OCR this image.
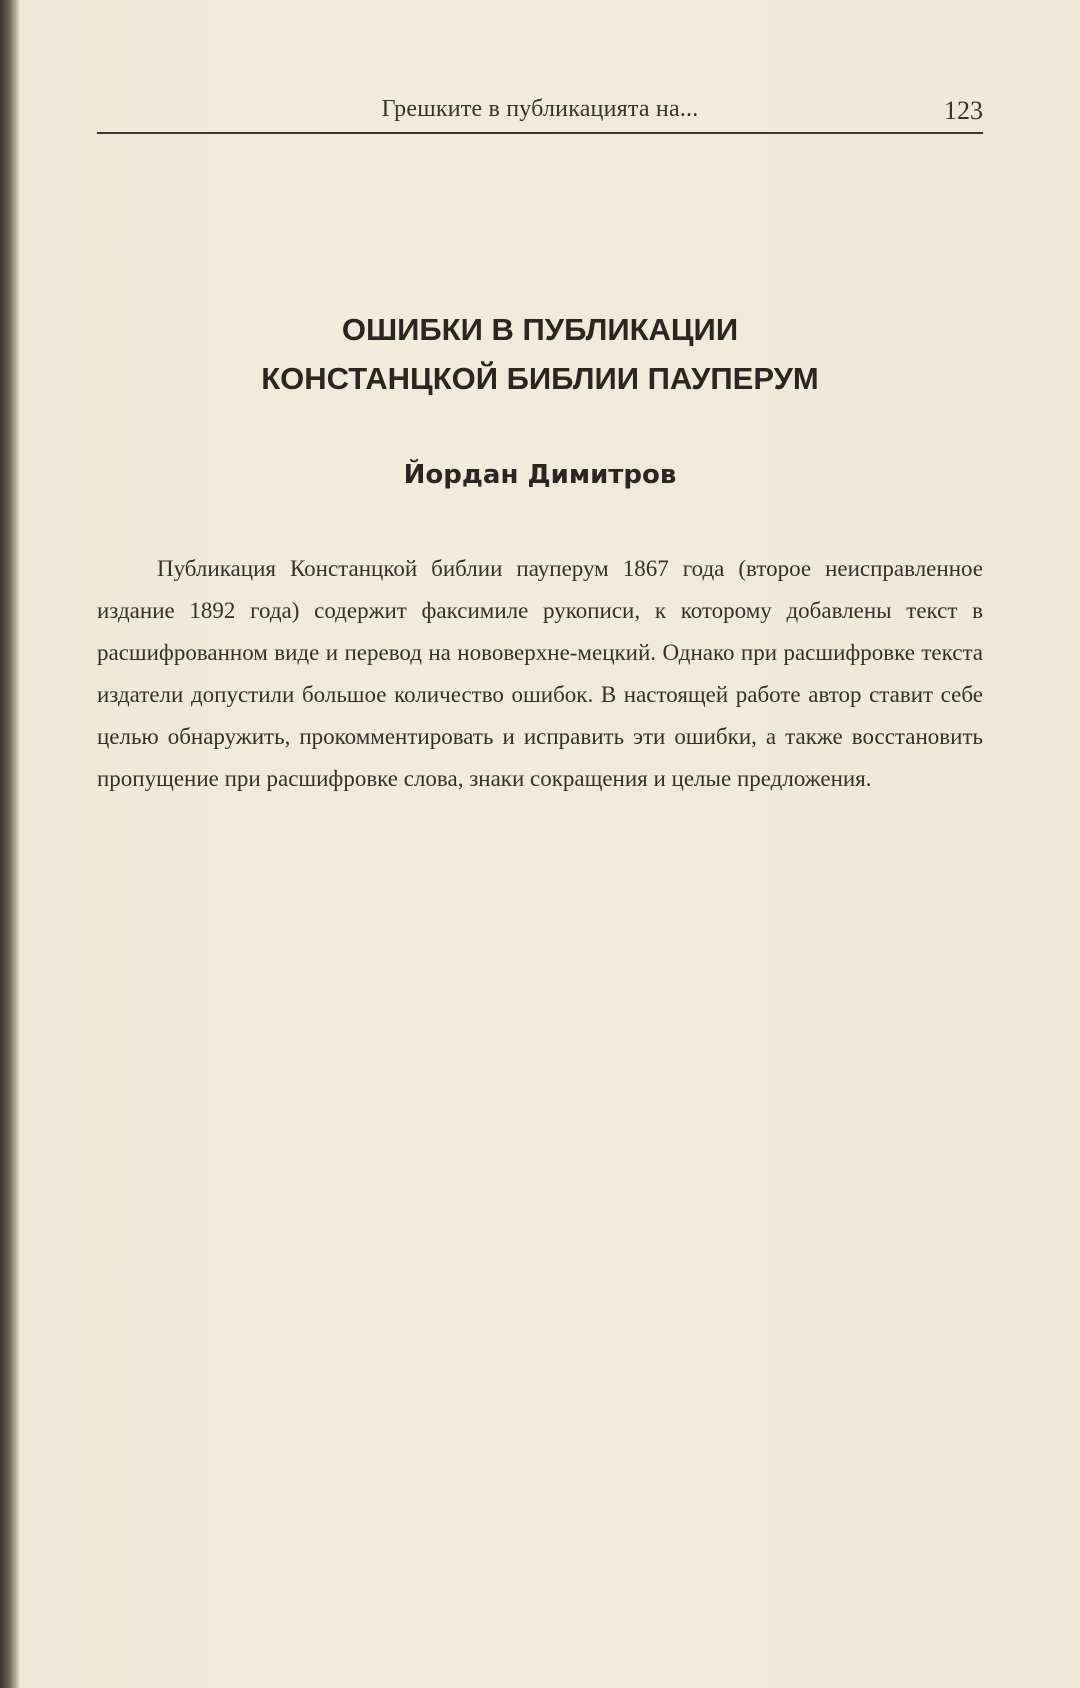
Грешките в публикацията на...	123
ОШИБКИ В ПУБЛИКАЦИИ
КОНСТАНЦКОЙ БИБЛИИ ПАУПЕРУМ
Йордан Димитров

Публикация Констанцкой библии пауперум 1867 года (второе неисправленное издание 1892 года) содержит факсимиле рукописи, к которому добавлены текст в расшифрованном виде и перевод на нововерхне-мецкий. Однако при расшифровке текста издатели допустили большое количество ошибок. В настоящей работе автор ставит себе целью обнаружить, прокомментировать и исправить эти ошибки, а также восстановить пропущение при расшифровке слова, знаки сокращения и целые предложения.
